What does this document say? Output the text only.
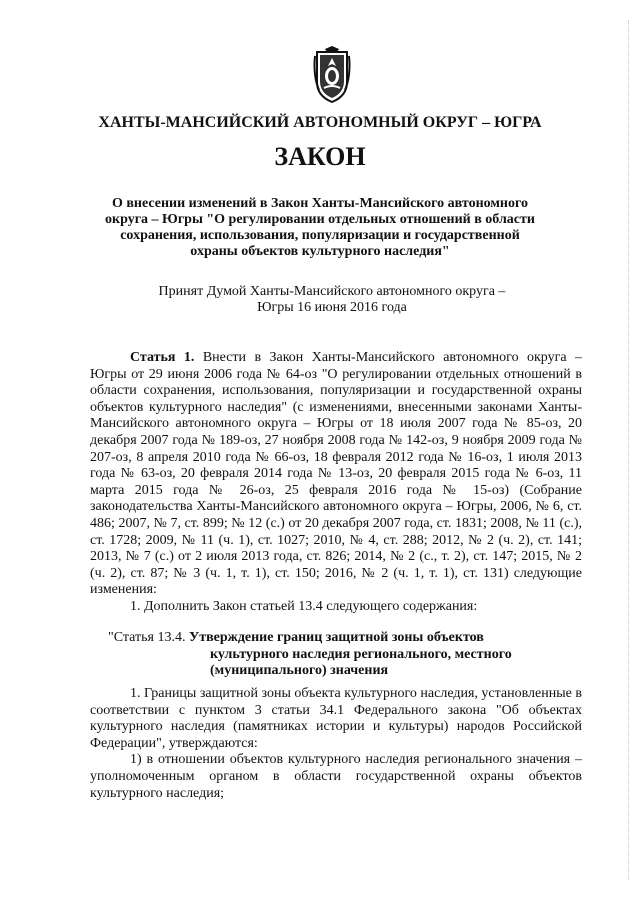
ХАНТЫ-МАНСИЙСКИЙ АВТОНОМНЫЙ ОКРУГ – ЮГРА
ЗАКОН
О внесении изменений в Закон Ханты-Мансийского автономного округа – Югры "О регулировании отдельных отношений в области сохранения, использования, популяризации и государственной охраны объектов культурного наследия"
Принят Думой Ханты-Мансийского автономного округа – Югры 16 июня 2016 года

Статья 1. Внести в Закон Ханты-Мансийского автономного округа – Югры от 29 июня 2006 года № 64-оз "О регулировании отдельных отношений в области сохранения, использования, популяризации и государственной охраны объектов культурного наследия" (с изменениями, внесенными законами Ханты-Мансийского автономного округа – Югры от 18 июля 2007 года № 85-оз, 20 декабря 2007 года № 189-оз, 27 ноября 2008 года № 142-оз, 9 ноября 2009 года № 207-оз, 8 апреля 2010 года № 66-оз, 18 февраля 2012 года № 16-оз, 1 июля 2013 года № 63-оз, 20 февраля 2014 года № 13-оз, 20 февраля 2015 года № 6-оз, 11 марта 2015 года № 26-оз, 25 февраля 2016 года № 15-оз) (Собрание законодательства Ханты-Мансийского автономного округа – Югры, 2006, № 6, ст. 486; 2007, № 7, ст. 899; № 12 (с.) от 20 декабря 2007 года, ст. 1831; 2008, № 11 (с.), ст. 1728; 2009, № 11 (ч. 1), ст. 1027; 2010, № 4, ст. 288; 2012, № 2 (ч. 2), ст. 141; 2013, № 7 (с.) от 2 июля 2013 года, ст. 826; 2014, № 2 (с., т. 2), ст. 147; 2015, № 2 (ч. 2), ст. 87; № 3 (ч. 1, т. 1), ст. 150; 2016, № 2 (ч. 1, т. 1), ст. 131) следующие изменения:

1. Дополнить Закон статьей 13.4 следующего содержания:

"Статья 13.4. Утверждение границ защитной зоны объектов
культурного наследия регионального, местного (муниципального) значения

1. Границы защитной зоны объекта культурного наследия, установленные в соответствии с пунктом 3 статьи 34.1 Федерального закона "Об объектах культурного наследия (памятниках истории и культуры) народов Российской Федерации", утверждаются:

1) в отношении объектов культурного наследия регионального значения – уполномоченным органом в области государственной охраны объектов культурного наследия;
